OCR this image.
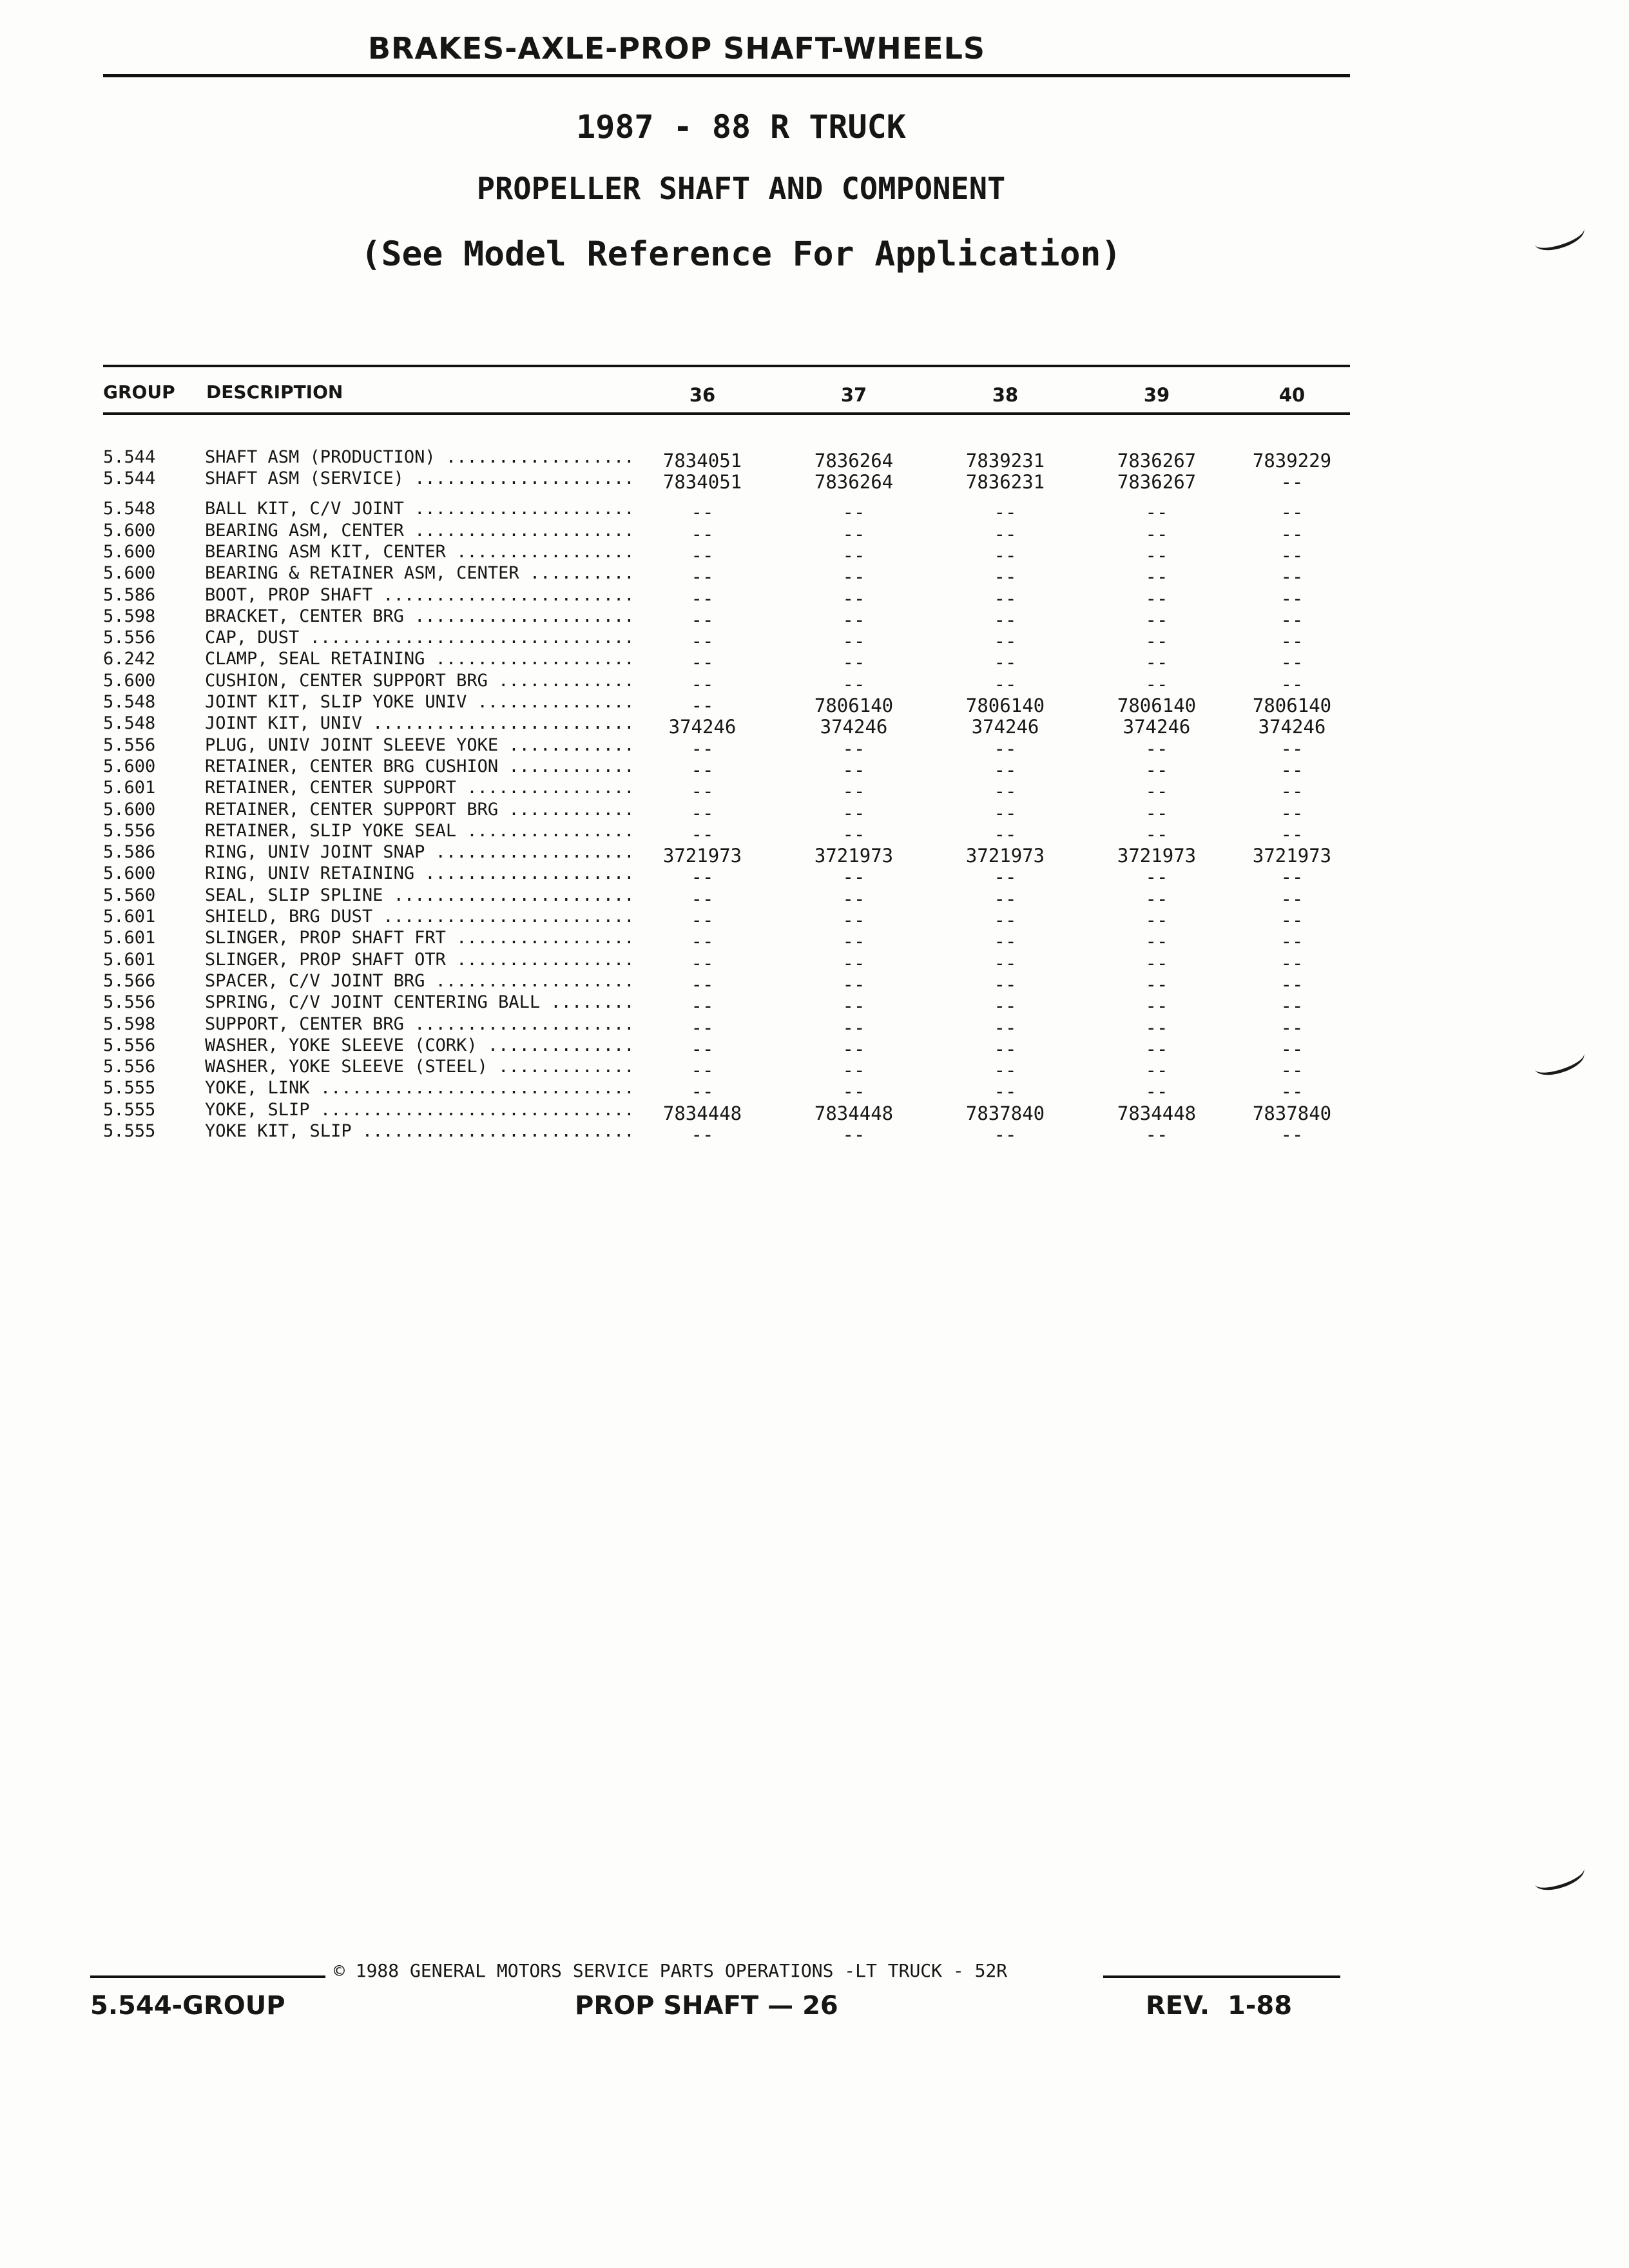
BRAKES-AXLE-PROP SHAFT-WHEELS
1987 - 88 R TRUCK
PROPELLER SHAFT AND COMPONENT
(See Model Reference For Application)
GROUP DESCRIPTION	36	37	38	39	40
5.544	SHAFT ASM (PRODUCTION) .....	7834051	7836264	7839231	7836267	7839229
5.544	SHAFT ASM (SERVICE) .....	7834051	7836264	7836231	7836267	--
5.548	BALL KIT, C/V JOINT .....	--	--	--	--	--
5.600	BEARING ASM, CENTER .....	--	--	--	--	--
5.600	BEARING ASM KIT, CENTER .....	--	--	--	--	--
5.600	BEARING & RETAINER ASM, CENTER .....	--	--	--	--	--
5.586	BOOT, PROP SHAFT .....	--	--	--	--	--
5.598	BRACKET, CENTER BRG .....	--	--	--	--	--
5.556	CAP, DUST .....	--	--	--	--	--
6.242	CLAMP, SEAL RETAINING .....	--	--	--	--	--
5.600	CUSHION, CENTER SUPPORT BRG .....	--	--	--	--	--
5.548	JOINT KIT, SLIP YOKE UNIV .....	--	7806140	7806140	7806140	7806140
5.548	JOINT KIT, UNIV .....	374246	374246	374246	374246	374246
5.556	PLUG, UNIV JOINT SLEEVE YOKE .....	--	--	--	--	--
5.600	RETAINER, CENTER BRG CUSHION .....	--	--	--	--	--
5.601	RETAINER, CENTER SUPPORT .....	--	--	--	--	--
5.600	RETAINER, CENTER SUPPORT BRG .....	--	--	--	--	--
5.556	RETAINER, SLIP YOKE SEAL .....	--	--	--	--	--
5.586	RING, UNIV JOINT SNAP .....	3721973	3721973	3721973	3721973	3721973
5.600	RING, UNIV RETAINING .....	--	--	--	--	--
5.560	SEAL, SLIP SPLINE .....	--	--	--	--	--
5.601	SHIELD, BRG DUST .....	--	--	--	--	--
5.601	SLINGER, PROP SHAFT FRT .....	--	--	--	--	--
5.601	SLINGER, PROP SHAFT OTR .....	--	--	--	--	--
5.566	SPACER, C/V JOINT BRG .....	--	--	--	--	--
5.556	SPRING, C/V JOINT CENTERING BALL .....	--	--	--	--	--
5.598	SUPPORT, CENTER BRG .....	--	--	--	--	--
5.556	WASHER, YOKE SLEEVE (CORK) .....	--	--	--	--	--
5.556	WASHER, YOKE SLEEVE (STEEL) .....	--	--	--	--	--
5.555	YOKE, LINK .....	--	--	--	--	--
5.555	YOKE, SLIP .....	7834448	7834448	7837840	7834448	7837840
5.555	YOKE KIT, SLIP .....	--	--	--	--	--
© 1988 GENERAL MOTORS SERVICE PARTS OPERATIONS -LT TRUCK - 52R
5.544-GROUP	PROP SHAFT — 26	REV.  1-88
